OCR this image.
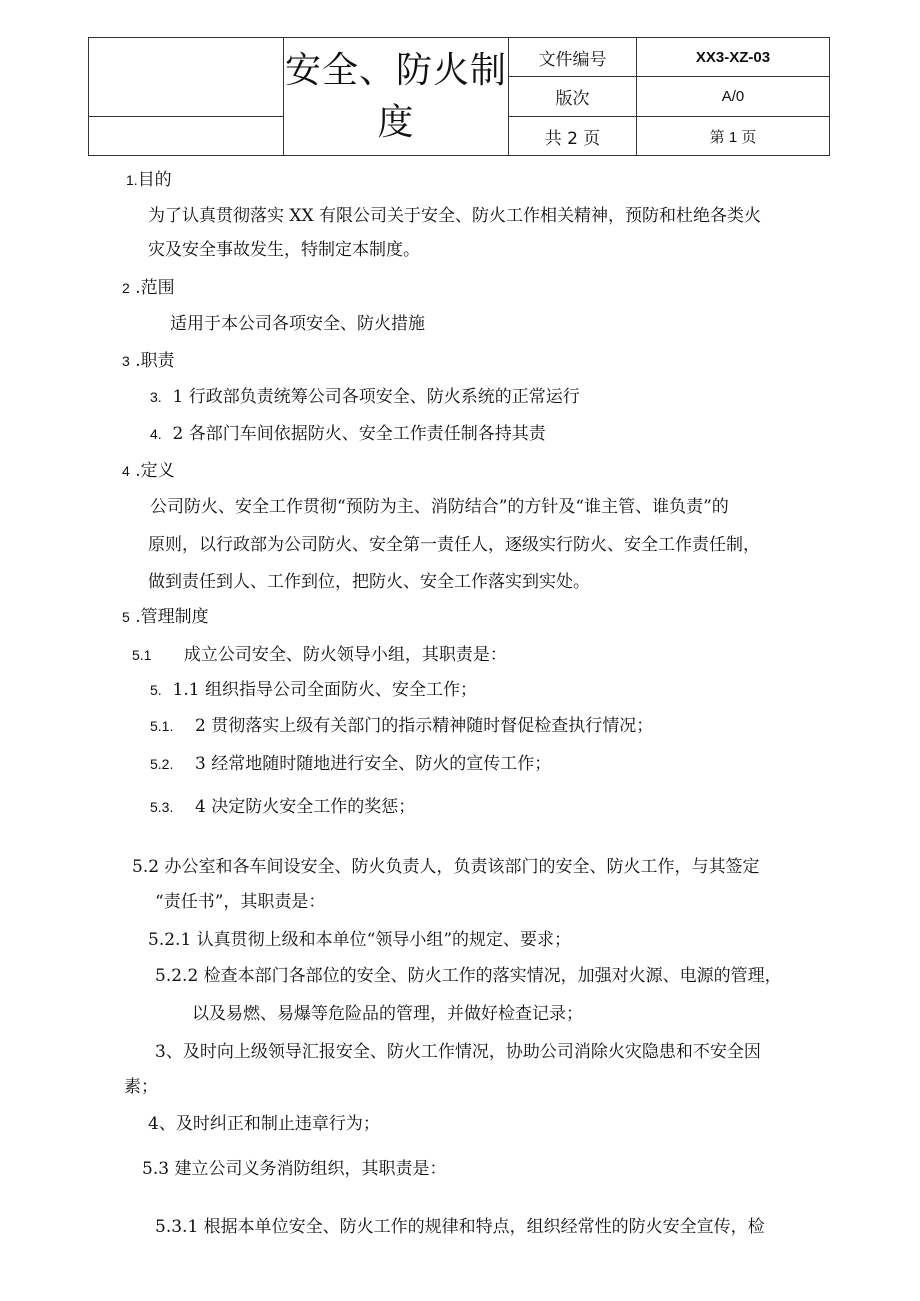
	安全、防火制度	文件编号	XX3-XZ-03
		版次	A/0
		共 2 页	第 1 页
1.目的
为了认真贯彻落实 XX 有限公司关于安全、防火工作相关精神，预防和杜绝各类火
灾及安全事故发生，特制定本制度。
2 .范围
适用于本公司各项安全、防火措施
3 .职责
3. 1 行政部负责统筹公司各项安全、防火系统的正常运行
4. 2 各部门车间依据防火、安全工作责任制各持其责
4 .定义
公司防火、安全工作贯彻“预防为主、消防结合”的方针及“谁主管、谁负责”的
原则，以行政部为公司防火、安全第一责任人，逐级实行防火、安全工作责任制，
做到责任到人、工作到位，把防火、安全工作落实到实处。
5 .管理制度
5.1 成立公司安全、防火领导小组，其职责是：
5. 1.1 组织指导公司全面防火、安全工作；
5.1. 2 贯彻落实上级有关部门的指示精神随时督促检查执行情况；
5.2. 3 经常地随时随地进行安全、防火的宣传工作；
5.3. 4 决定防火安全工作的奖惩；
5.2 办公室和各车间设安全、防火负责人，负责该部门的安全、防火工作，与其签定
“责任书”，其职责是：
5.2.1 认真贯彻上级和本单位“领导小组”的规定、要求；
5.2.2 检查本部门各部位的安全、防火工作的落实情况，加强对火源、电源的管理，
以及易燃、易爆等危险品的管理，并做好检查记录；
3、及时向上级领导汇报安全、防火工作情况，协助公司消除火灾隐患和不安全因
素；
4、及时纠正和制止违章行为；
5.3 建立公司义务消防组织，其职责是：
5.3.1 根据本单位安全、防火工作的规律和特点，组织经常性的防火安全宣传，检
